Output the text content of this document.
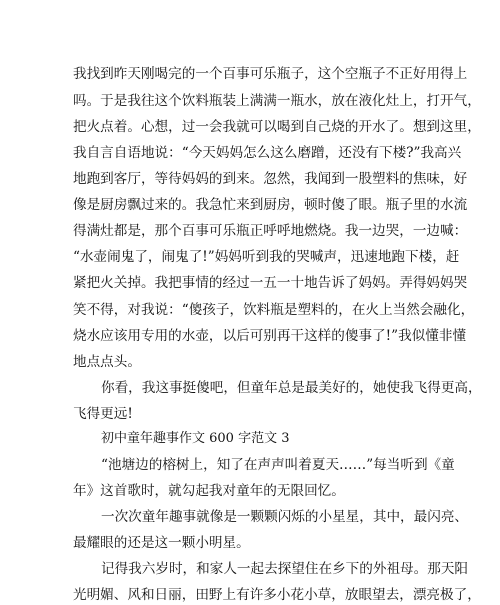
我找到昨天刚喝完的一个百事可乐瓶子，这个空瓶子不正好用得上
吗。于是我往这个饮料瓶装上满满一瓶水，放在液化灶上，打开气，
把火点着。心想，过一会我就可以喝到自己烧的开水了。想到这里，
我自言自语地说：“今天妈妈怎么这么磨蹭，还没有下楼?”我高兴
地跑到客厅，等待妈妈的到来。忽然，我闻到一股塑料的焦味，好
像是厨房飘过来的。我急忙来到厨房，顿时傻了眼。瓶子里的水流
得满灶都是，那个百事可乐瓶正呼呼地燃烧。我一边哭，一边喊：
“水壶闹鬼了，闹鬼了!”妈妈听到我的哭喊声，迅速地跑下楼，赶
紧把火关掉。我把事情的经过一五一十地告诉了妈妈。弄得妈妈哭
笑不得，对我说：“傻孩子，饮料瓶是塑料的，在火上当然会融化，
烧水应该用专用的水壶，以后可别再干这样的傻事了!”我似懂非懂
地点点头。
你看，我这事挺傻吧，但童年总是最美好的，她使我飞得更高，
飞得更远!
初中童年趣事作文 600 字范文 3
“池塘边的榕树上，知了在声声叫着夏天……”每当听到《童
年》这首歌时，就勾起我对童年的无限回忆。
一次次童年趣事就像是一颗颗闪烁的小星星，其中，最闪亮、
最耀眼的还是这一颗小明星。
记得我六岁时，和家人一起去探望住在乡下的外祖母。那天阳
光明媚、风和日丽，田野上有许多小花小草，放眼望去，漂亮极了，
